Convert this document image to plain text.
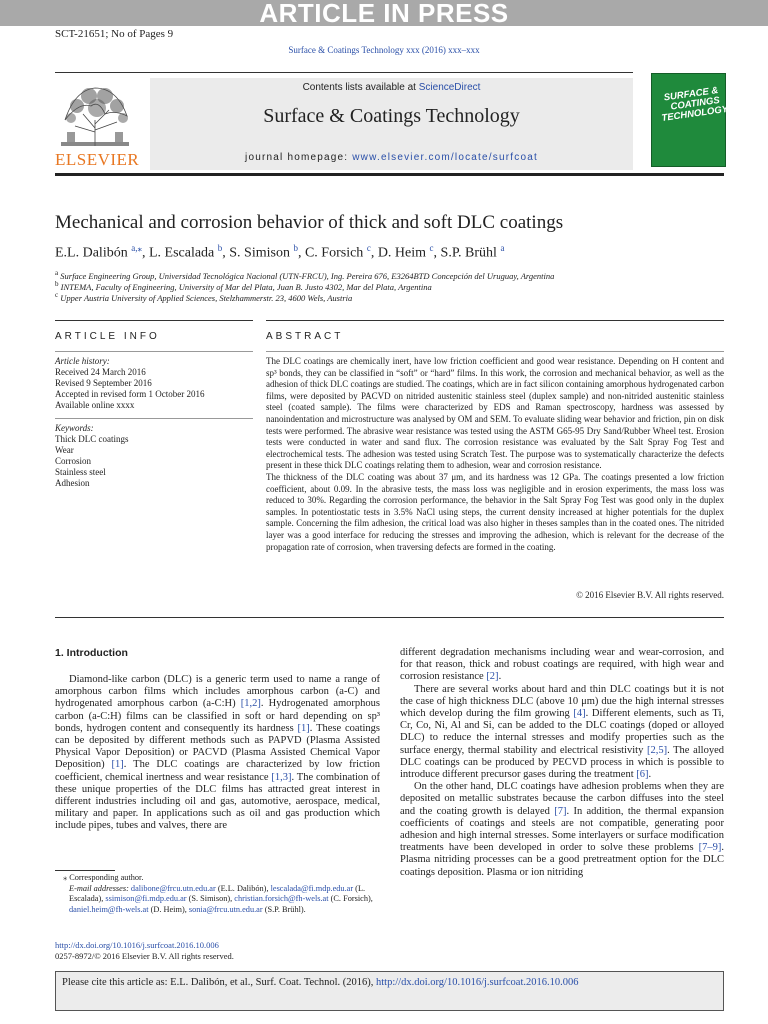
ARTICLE IN PRESS
SCT-21651; No of Pages 9
Surface & Coatings Technology xxx (2016) xxx–xxx
ELSEVIER
Contents lists available at ScienceDirect
Surface & Coatings Technology
journal homepage: www.elsevier.com/locate/surfcoat
SURFACE & COATINGS TECHNOLOGY
Mechanical and corrosion behavior of thick and soft DLC coatings
E.L. Dalibón $^{a,⁎}$, L. Escalada $^b$, S. Simison $^b$, C. Forsich $^c$, D. Heim $^c$, S.P. Brühl $^a$
$^a$ Surface Engineering Group, Universidad Tecnológica Nacional (UTN-FRCU), Ing. Pereira 676, E3264BTD Concepción del Uruguay, Argentina
$^b$ INTEMA, Faculty of Engineering, University of Mar del Plata, Juan B. Justo 4302, Mar del Plata, Argentina
$^c$ Upper Austria University of Applied Sciences, Stelzhammerstr. 23, 4600 Wels, Austria
ARTICLE INFO	ABSTRACT
Article history:
Received 24 March 2016
Revised 9 September 2016
Accepted in revised form 1 October 2016
Available online xxxx
Keywords:
Thick DLC coatings
Wear
Corrosion
Stainless steel
Adhesion

The DLC coatings are chemically inert, have low friction coefficient and good wear resistance. Depending on H content and sp³ bonds, they can be classified in “soft” or “hard” films. In this work, the corrosion and mechanical behavior, as well as the adhesion of thick DLC coatings are studied. The coatings, which are in fact silicon containing amorphous hydrogenated carbon films, were deposited by PACVD on nitrided austenitic stainless steel (duplex sample) and non-nitrided austenitic stainless steel (coated sample). The films were characterized by EDS and Raman spectroscopy, hardness was assessed by nanoindentation and microstructure was analysed by OM and SEM. To evaluate sliding wear behavior and friction, pin on disk tests were performed. The abrasive wear resistance was tested using the ASTM G65-95 Dry Sand/Rubber Wheel test. Erosion tests were conducted in water and sand flux. The corrosion resistance was evaluated by the Salt Spray Fog Test and electrochemical tests. The adhesion was tested using Scratch Test. The purpose was to systematically characterize the defects present in these thick DLC coatings relating them to adhesion, wear and corrosion resistance.

The thickness of the DLC coating was about 37 μm, and its hardness was 12 GPa. The coatings presented a low friction coefficient, about 0.09. In the abrasive tests, the mass loss was negligible and in erosion experiments, the mass loss was reduced to 30%. Regarding the corrosion performance, the behavior in the Salt Spray Fog Test was good only in the duplex samples. In potentiostatic tests in 3.5% NaCl using steps, the current density increased at higher potentials for the duplex sample. Concerning the film adhesion, the critical load was also higher in theses samples than in the coated ones. The nitrided layer was a good interface for reducing the stresses and improving the adhesion, which is relevant for the decrease of the propagation rate of corrosion, when traversing defects are formed in the coating.

© 2016 Elsevier B.V. All rights reserved.
1. Introduction

Diamond-like carbon (DLC) is a generic term used to name a range of amorphous carbon films which includes amorphous carbon (a-C) and hydrogenated amorphous carbon (a-C:H) [1,2]. Hydrogenated amorphous carbon (a-C:H) films can be classified in soft or hard depending on sp³ bonds, hydrogen content and consequently its hardness [1]. These coatings can be deposited by different methods such as PAPVD (Plasma Assisted Physical Vapor Deposition) or PACVD (Plasma Assisted Chemical Vapor Deposition) [1]. The DLC coatings are characterized by low friction coefficient, chemical inertness and wear resistance [1,3]. The combination of these unique properties of the DLC films has attracted great interest in different industries including oil and gas, automotive, aerospace, medical, military and paper. In applications such as oil and gas production which include pipes, tubes and valves, there are

different degradation mechanisms including wear and wear-corrosion, and for that reason, thick and robust coatings are required, with high wear and corrosion resistance [2].

There are several works about hard and thin DLC coatings but it is not the case of high thickness DLC (above 10 μm) due the high internal stresses which develop during the film growing [4]. Different elements, such as Ti, Cr, Co, Ni, Al and Si, can be added to the DLC coatings (doped or alloyed DLC) to reduce the internal stresses and modify properties such as the surface energy, thermal stability and electrical resistivity [2,5]. The alloyed DLC coatings can be produced by PECVD process in which is possible to introduce different precursor gases during the treatment [6].

On the other hand, DLC coatings have adhesion problems when they are deposited on metallic substrates because the carbon diffuses into the steel and the coating growth is delayed [7]. In addition, the thermal expansion coefficients of coatings and steels are not compatible, generating poor adhesion and high internal stresses. Some interlayers or surface modification treatments have been developed in order to solve these problems [7–9]. Plasma nitriding processes can be a good pretreatment option for the DLC coatings deposition. Plasma or ion nitriding

⁎ Corresponding author.
E-mail addresses: dalibone@frcu.utn.edu.ar (E.L. Dalibón), lescalada@fi.mdp.edu.ar (L. Escalada), ssimison@fi.mdp.edu.ar (S. Simison), christian.forsich@fh-wels.at (C. Forsich), daniel.heim@fh-wels.at (D. Heim), sonia@frcu.utn.edu.ar (S.P. Brühl).
http://dx.doi.org/10.1016/j.surfcoat.2016.10.006
0257-8972/© 2016 Elsevier B.V. All rights reserved.
Please cite this article as: E.L. Dalibón, et al., Surf. Coat. Technol. (2016), http://dx.doi.org/10.1016/j.surfcoat.2016.10.006
